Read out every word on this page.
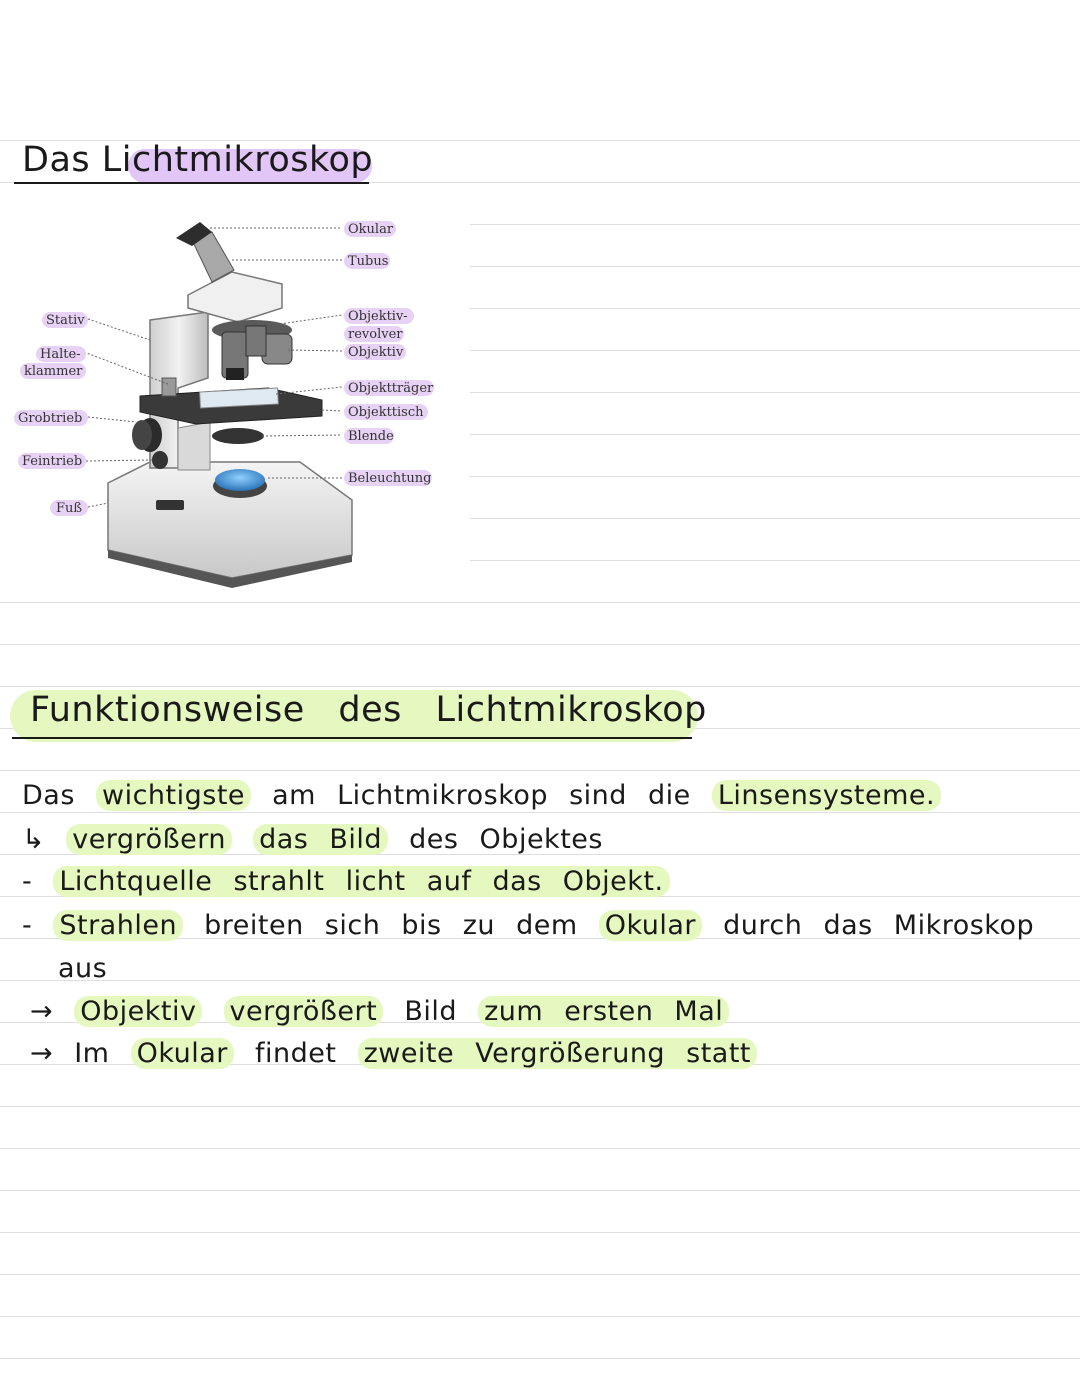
Das Lichtmikroskop
Okular
Tubus
Objektiv-
revolver
Objektiv
Objektträger
Objekttisch
Blende
Beleuchtung
Stativ
Halte-
klammer
Grobtrieb
Feintrieb
Fuß
Funktionsweise des Lichtmikroskop
Das wichtigste am Lichtmikroskop sind die Linsensysteme.
↳ vergrößern das Bild des Objektes
- Lichtquelle strahlt licht auf das Objekt.
- Strahlen breiten sich bis zu dem Okular durch das Mikroskop
aus
→ Objektiv vergrößert Bild zum ersten Mal
→ Im Okular findet zweite Vergrößerung statt
